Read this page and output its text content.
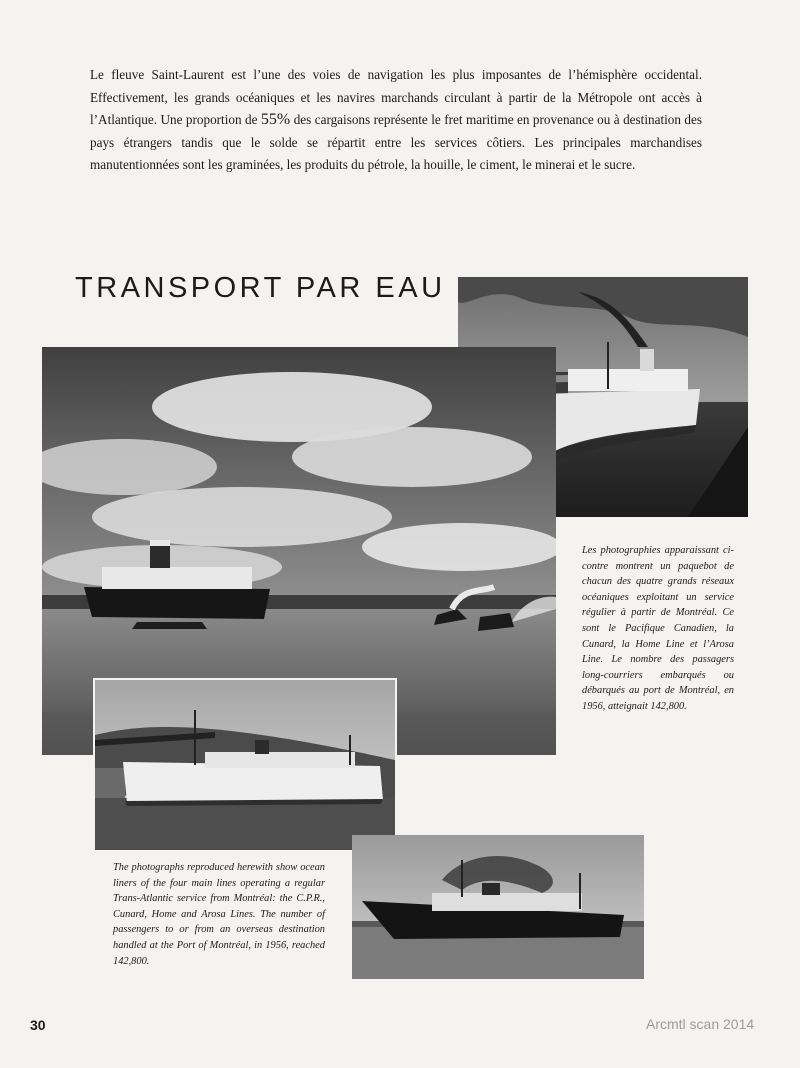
Le fleuve Saint-Laurent est l’une des voies de navigation les plus imposantes de l’hémisphère occidental. Effectivement, les grands océaniques et les navires marchands circulant à partir de la Métropole ont accès à l’Atlantique. Une proportion de 55% des cargaisons représente le fret maritime en provenance ou à destination des pays étrangers tandis que le solde se répartit entre les services côtiers. Les principales marchandises manutentionnées sont les graminées, les produits du pétrole, la houille, le ciment, le minerai et le sucre.

TRANSPORT PAR EAU

Les photographies apparaissant ci-contre montrent un paquebot de chacun des quatre grands réseaux océaniques exploitant un service régulier à partir de Montréal. Ce sont le Pacifique Canadien, la Cunard, la Home Line et l’Arosa Line. Le nombre des passagers long-courriers embarqués ou débarqués au port de Montréal, en 1956, atteignait 142,800.

The photographs reproduced herewith show ocean liners of the four main lines operating a regular Trans-Atlantic service from Montréal: the C.P.R., Cunard, Home and Arosa Lines. The number of passengers to or from an overseas destination handled at the Port of Montréal, in 1956, reached 142,800.

30	Arcmtl scan 2014
